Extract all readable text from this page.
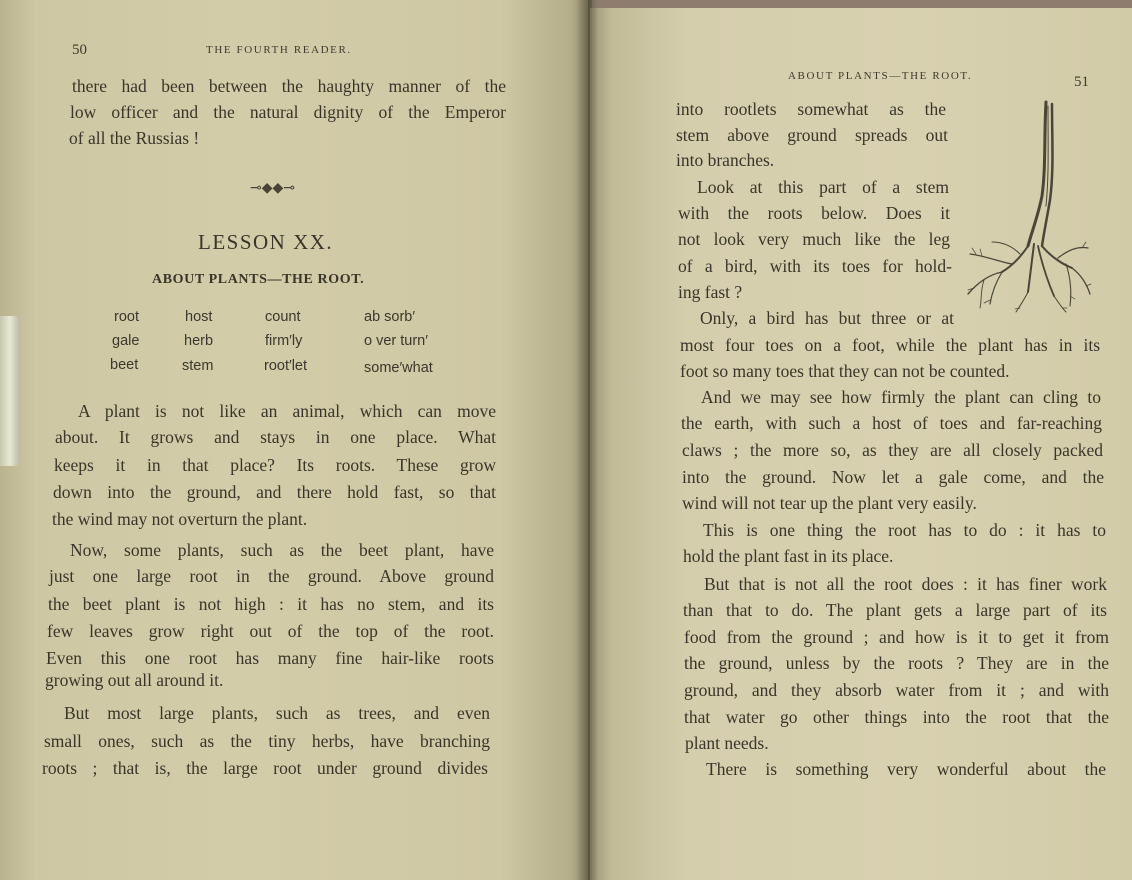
50	THE FOURTH READER.
there had been between the haughty manner of the
low officer and the natural dignity of the Emperor
of all the Russias !
⊸◆◆⊸
LESSON XX.
ABOUT PLANTS—THE ROOT.
root	host	count	ab sorb′
gale	herb	firm′ly	o ver turn′
beet	stem	root′let	some′what
A plant is not like an animal, which can move
about. It grows and stays in one place. What
keeps it in that place? Its roots. These grow
down into the ground, and there hold fast, so that
the wind may not overturn the plant.
Now, some plants, such as the beet plant, have
just one large root in the ground. Above ground
the beet plant is not high : it has no stem, and its
few leaves grow right out of the top of the root.
Even this one root has many fine hair-like roots
growing out all around it.
But most large plants, such as trees, and even
small ones, such as the tiny herbs, have branching
roots ; that is, the large root under ground divides
ABOUT PLANTS—THE ROOT.	51
into rootlets somewhat as the
stem above ground spreads out
into branches.
Look at this part of a stem
with the roots below. Does it
not look very much like the leg
of a bird, with its toes for hold-
ing fast ?
Only, a bird has but three or at
most four toes on a foot, while the plant has in its
foot so many toes that they can not be counted.
And we may see how firmly the plant can cling to
the earth, with such a host of toes and far-reaching
claws ; the more so, as they are all closely packed
into the ground. Now let a gale come, and the
wind will not tear up the plant very easily.
This is one thing the root has to do : it has to
hold the plant fast in its place.
But that is not all the root does : it has finer work
than that to do. The plant gets a large part of its
food from the ground ; and how is it to get it from
the ground, unless by the roots ? They are in the
ground, and they absorb water from it ; and with
that water go other things into the root that the
plant needs.
There is something very wonderful about the
